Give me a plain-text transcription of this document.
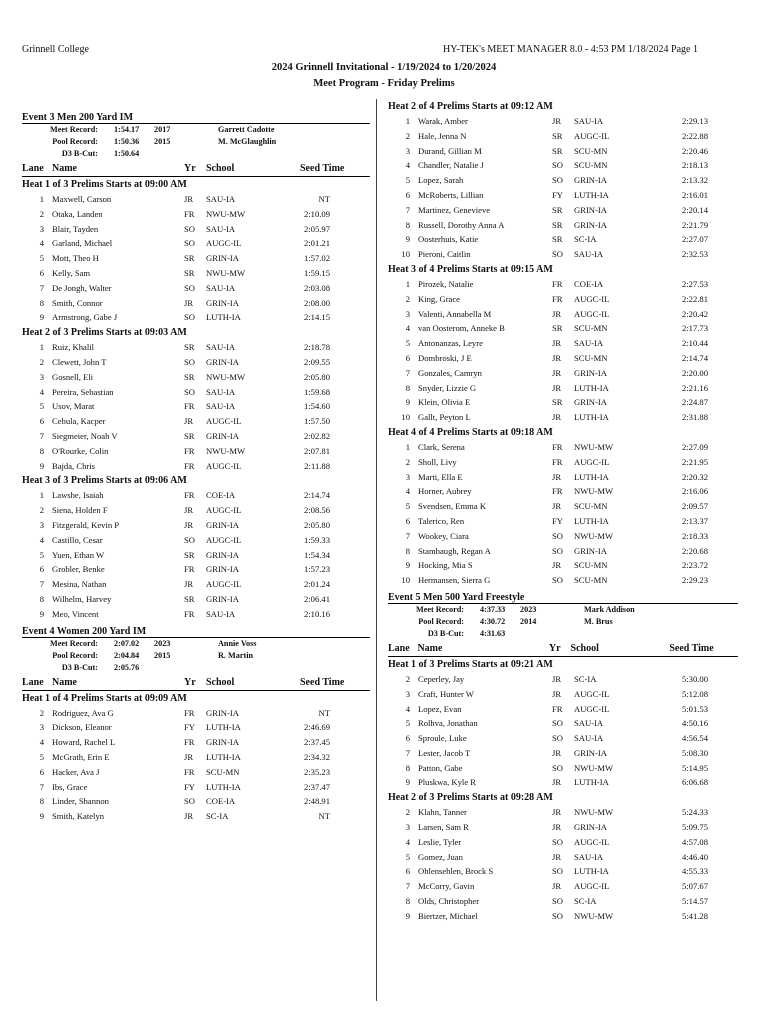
Grinnell College	HY-TEK's MEET MANAGER 8.0 - 4:53 PM 1/18/2024 Page 1
2024 Grinnell Invitational - 1/19/2024 to 1/20/2024
Meet Program - Friday Prelims
Event 3 Men 200 Yard IM
Meet Record:	1:54.17	2017	Garrett Cadotte
Pool Record:	1:50.36	2015	M. McGlaughlin
D3 B-Cut:	1:50.64
Lane Name	Yr	School	Seed Time
Heat 1 of 3 Prelims Starts at 09:00 AM
1 Maxwell, Carson	JR	SAU-IA	NT
2 Otaka, Landen	FR	NWU-MW	2:10.09
3 Blair, Tayden	SO	SAU-IA	2:05.97
4 Garland, Michael	SO	AUGC-IL	2:01.21
5 Mott, Theo H	SR	GRIN-IA	1:57.02
6 Kelly, Sam	SR	NWU-MW	1:59.15
7 De Jongh, Walter	SO	SAU-IA	2:03.08
8 Smith, Connor	JR	GRIN-IA	2:08.00
9 Armstrong, Gabe J	SO	LUTH-IA	2:14.15
Heat 2 of 3 Prelims Starts at 09:03 AM
1 Ruiz, Khalil	SR	SAU-IA	2:18.78
2 Clewett, John T	SO	GRIN-IA	2:09.55
3 Gosnell, Eli	SR	NWU-MW	2:05.80
4 Pereira, Sebastian	SO	SAU-IA	1:59.68
5 Usov, Marat	FR	SAU-IA	1:54.60
6 Cebula, Kacper	JR	AUGC-IL	1:57.50
7 Siegmeier, Noah V	SR	GRIN-IA	2:02.82
8 O'Rourke, Colin	FR	NWU-MW	2:07.81
9 Bajda, Chris	FR	AUGC-IL	2:11.88
Heat 3 of 3 Prelims Starts at 09:06 AM
1 Lawshe, Isaiah	FR	COE-IA	2:14.74
2 Siena, Holden F	JR	AUGC-IL	2:08.56
3 Fitzgerald, Kevin P	JR	GRIN-IA	2:05.80
4 Castillo, Cesar	SO	AUGC-IL	1:59.33
5 Yuen, Ethan W	SR	GRIN-IA	1:54.34
6 Grobler, Benke	FR	GRIN-IA	1:57.23
7 Mesina, Nathan	JR	AUGC-IL	2:01.24
8 Wilhelm, Harvey	SR	GRIN-IA	2:06.41
9 Meo, Vincent	FR	SAU-IA	2:10.16
Event 4 Women 200 Yard IM
Meet Record:	2:07.02	2023	Annie Voss
Pool Record:	2:04.84	2015	R. Martin
D3 B-Cut:	2:05.76
Lane Name	Yr	School	Seed Time
Heat 1 of 4 Prelims Starts at 09:09 AM
2 Rodriguez, Ava G	FR	GRIN-IA	NT
3 Dickson, Eleanor	FY	LUTH-IA	2:46.69
4 Howard, Rachel L	FR	GRIN-IA	2:37.45
5 McGrath, Erin E	JR	LUTH-IA	2:34.32
6 Hacker, Ava J	FR	SCU-MN	2:35.23
7 Ibs, Grace	FY	LUTH-IA	2:37.47
8 Linder, Shannon	SO	COE-IA	2:48.91
9 Smith, Katelyn	JR	SC-IA	NT
Heat 2 of 4 Prelims Starts at 09:12 AM
1 Warak, Amber	JR	SAU-IA	2:29.13
2 Hale, Jenna N	SR	AUGC-IL	2:22.88
3 Durand, Gillian M	SR	SCU-MN	2:20.46
4 Chandler, Natalie J	SO	SCU-MN	2:18.13
5 Lopez, Sarah	SO	GRIN-IA	2:13.32
6 McRoberts, Lillian	FY	LUTH-IA	2:16.01
7 Martinez, Genevieve	SR	GRIN-IA	2:20.14
8 Russell, Dorothy Anna A	SR	GRIN-IA	2:21.79
9 Oosterhuis, Katie	SR	SC-IA	2:27.07
10 Pieroni, Caitlin	SO	SAU-IA	2:32.53
Heat 3 of 4 Prelims Starts at 09:15 AM
1 Pirozek, Natalie	FR	COE-IA	2:27.53
2 King, Grace	FR	AUGC-IL	2:22.81
3 Valenti, Annabella M	JR	AUGC-IL	2:20.42
4 van Oosterom, Anneke B	SR	SCU-MN	2:17.73
5 Antonanzas, Leyre	JR	SAU-IA	2:10.44
6 Dombroski, J E	JR	SCU-MN	2:14.74
7 Gonzales, Camryn	JR	GRIN-IA	2:20.00
8 Snyder, Lizzie G	JR	LUTH-IA	2:21.16
9 Klein, Olivia E	SR	GRIN-IA	2:24.87
10 Gallt, Peyton L	JR	LUTH-IA	2:31.88
Heat 4 of 4 Prelims Starts at 09:18 AM
1 Clark, Serena	FR	NWU-MW	2:27.09
2 Sholl, Livy	FR	AUGC-IL	2:21.95
3 Marti, Ella E	JR	LUTH-IA	2:20.32
4 Horner, Aubrey	FR	NWU-MW	2:16.06
5 Svendsen, Emma K	JR	SCU-MN	2:09.57
6 Talerico, Ren	FY	LUTH-IA	2:13.37
7 Wookey, Ciara	SO	NWU-MW	2:18.33
8 Stambaugh, Regan A	SO	GRIN-IA	2:20.68
9 Hocking, Mia S	JR	SCU-MN	2:23.72
10 Hermansen, Sierra G	SO	SCU-MN	2:29.23
Event 5 Men 500 Yard Freestyle
Meet Record:	4:37.33	2023	Mark Addison
Pool Record:	4:30.72	2014	M. Brus
D3 B-Cut:	4:31.63
Lane Name	Yr School	Seed Time
Heat 1 of 3 Prelims Starts at 09:21 AM
2 Ceperley, Jay	JR	SC-IA	5:30.00
3 Craft, Hunter W	JR	AUGC-IL	5:12.08
4 Lopez, Evan	FR	AUGC-IL	5:01.53
5 Rolhva, Jonathan	SO	SAU-IA	4:50.16
6 Sproule, Luke	SO	SAU-IA	4:56.54
7 Lester, Jacob T	JR	GRIN-IA	5:08.30
8 Patton, Gabe	SO	NWU-MW	5:14.95
9 Pluskwa, Kyle R	JR	LUTH-IA	6:06.68
Heat 2 of 3 Prelims Starts at 09:28 AM
2 Klahn, Tanner	JR	NWU-MW	5:24.33
3 Larsen, Sam R	JR	GRIN-IA	5:09.75
4 Leslie, Tyler	SO	AUGC-IL	4:57.08
5 Gomez, Juan	JR	SAU-IA	4:46.40
6 Ohlensehlen, Brock S	SO	LUTH-IA	4:55.33
7 McCorry, Gavin	JR	AUGC-IL	5:07.67
8 Olds, Christopher	SO	SC-IA	5:14.57
9 Biertzer, Michael	SO	NWU-MW	5:41.28
